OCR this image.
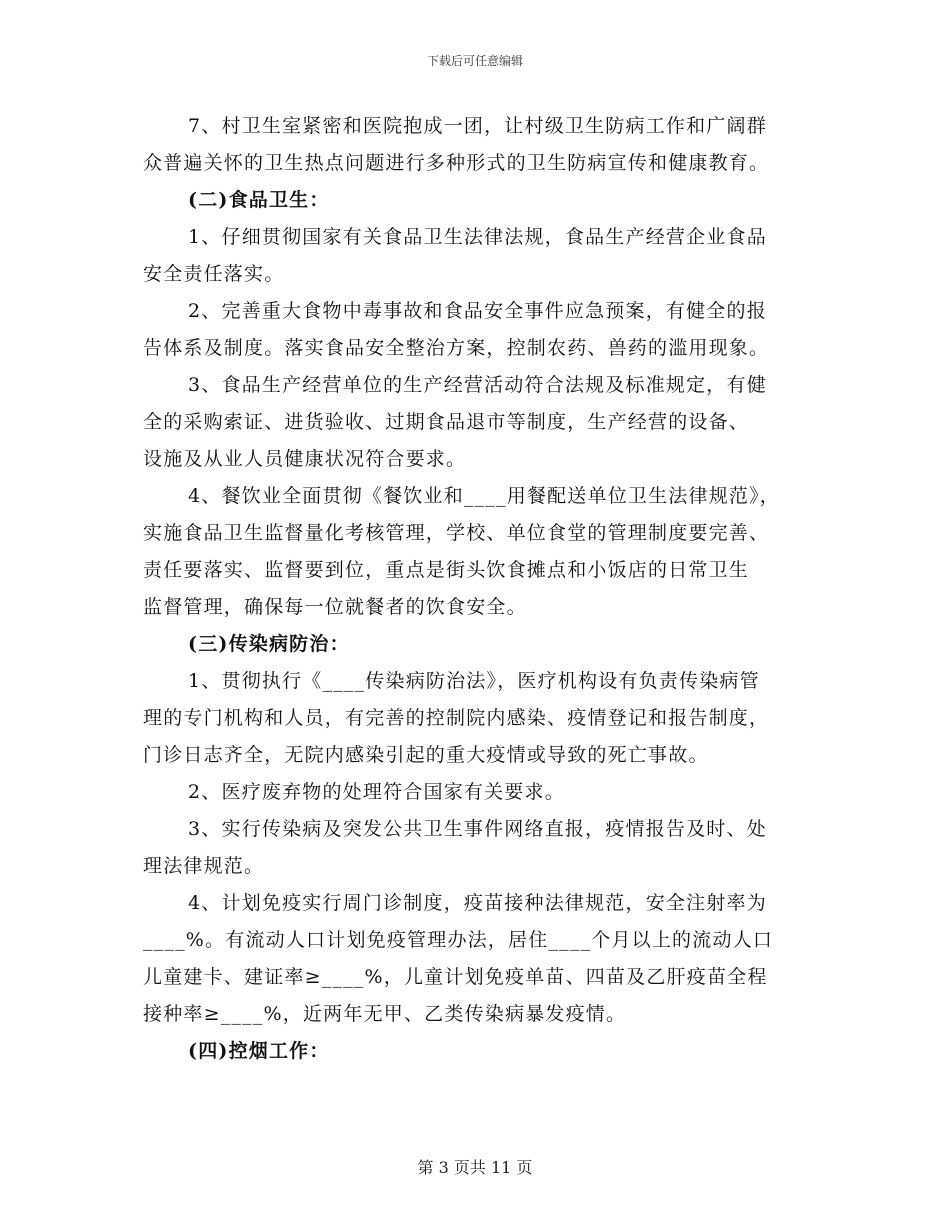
下载后可任意编辑
7、村卫生室紧密和医院抱成一团，让村级卫生防病工作和广阔群
众普遍关怀的卫生热点问题进行多种形式的卫生防病宣传和健康教育。
(二)食品卫生：
1、仔细贯彻国家有关食品卫生法律法规，食品生产经营企业食品
安全责任落实。
2、完善重大食物中毒事故和食品安全事件应急预案，有健全的报
告体系及制度。落实食品安全整治方案，控制农药、兽药的滥用现象。
3、食品生产经营单位的生产经营活动符合法规及标准规定，有健
全的采购索证、进货验收、过期食品退市等制度，生产经营的设备、
设施及从业人员健康状况符合要求。
4、餐饮业全面贯彻《餐饮业和____用餐配送单位卫生法律规范》，
实施食品卫生监督量化考核管理，学校、单位食堂的管理制度要完善、
责任要落实、监督要到位，重点是街头饮食摊点和小饭店的日常卫生
监督管理，确保每一位就餐者的饮食安全。
(三)传染病防治：
1、贯彻执行《____传染病防治法》，医疗机构设有负责传染病管
理的专门机构和人员，有完善的控制院内感染、疫情登记和报告制度，
门诊日志齐全，无院内感染引起的重大疫情或导致的死亡事故。
2、医疗废弃物的处理符合国家有关要求。
3、实行传染病及突发公共卫生事件网络直报，疫情报告及时、处
理法律规范。
4、计划免疫实行周门诊制度，疫苗接种法律规范，安全注射率为
____%。有流动人口计划免疫管理办法，居住____个月以上的流动人口
儿童建卡、建证率≥____%，儿童计划免疫单苗、四苗及乙肝疫苗全程
接种率≥____%，近两年无甲、乙类传染病暴发疫情。
(四)控烟工作：
第 3 页共 11 页
